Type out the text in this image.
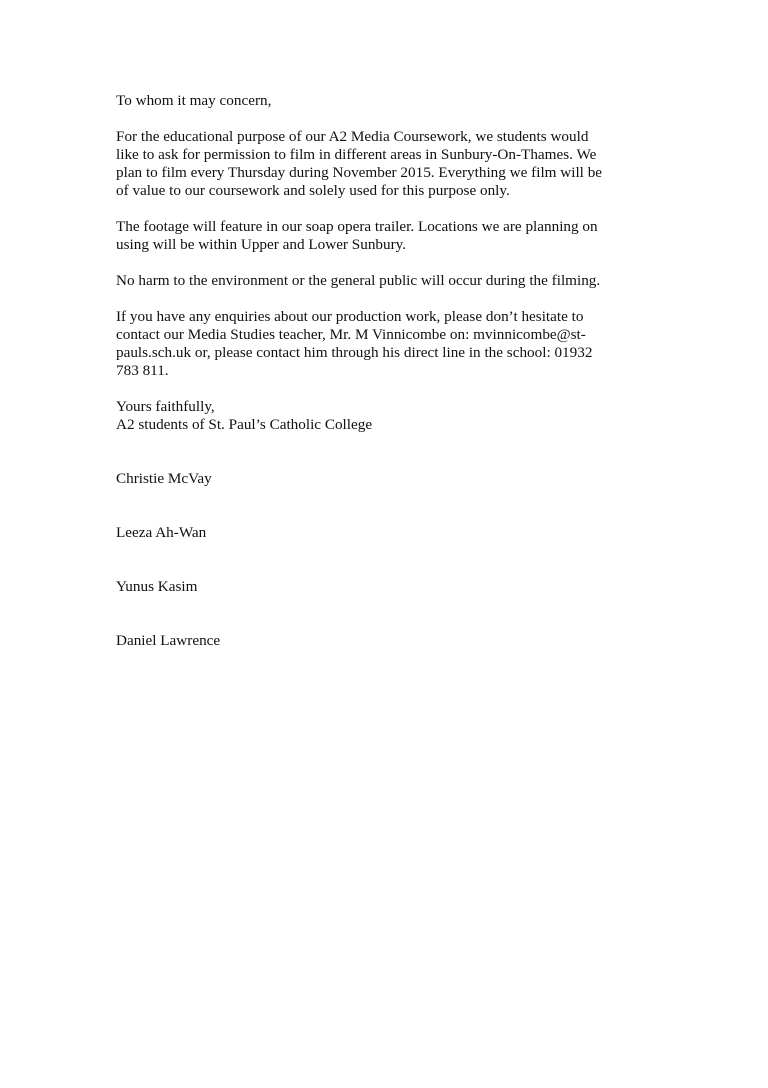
To whom it may concern,

For the educational purpose of our A2 Media Coursework, we students would
like to ask for permission to film in different areas in Sunbury-On-Thames. We
plan to film every Thursday during November 2015. Everything we film will be
of value to our coursework and solely used for this purpose only.

The footage will feature in our soap opera trailer. Locations we are planning on
using will be within Upper and Lower Sunbury.

No harm to the environment or the general public will occur during the filming.

If you have any enquiries about our production work, please don’t hesitate to
contact our Media Studies teacher, Mr. M Vinnicombe on: mvinnicombe@st-
pauls.sch.uk or, please contact him through his direct line in the school: 01932
783 811.

Yours faithfully,

A2 students of St. Paul’s Catholic College

Christie McVay

Leeza Ah-Wan

Yunus Kasim

Daniel Lawrence
